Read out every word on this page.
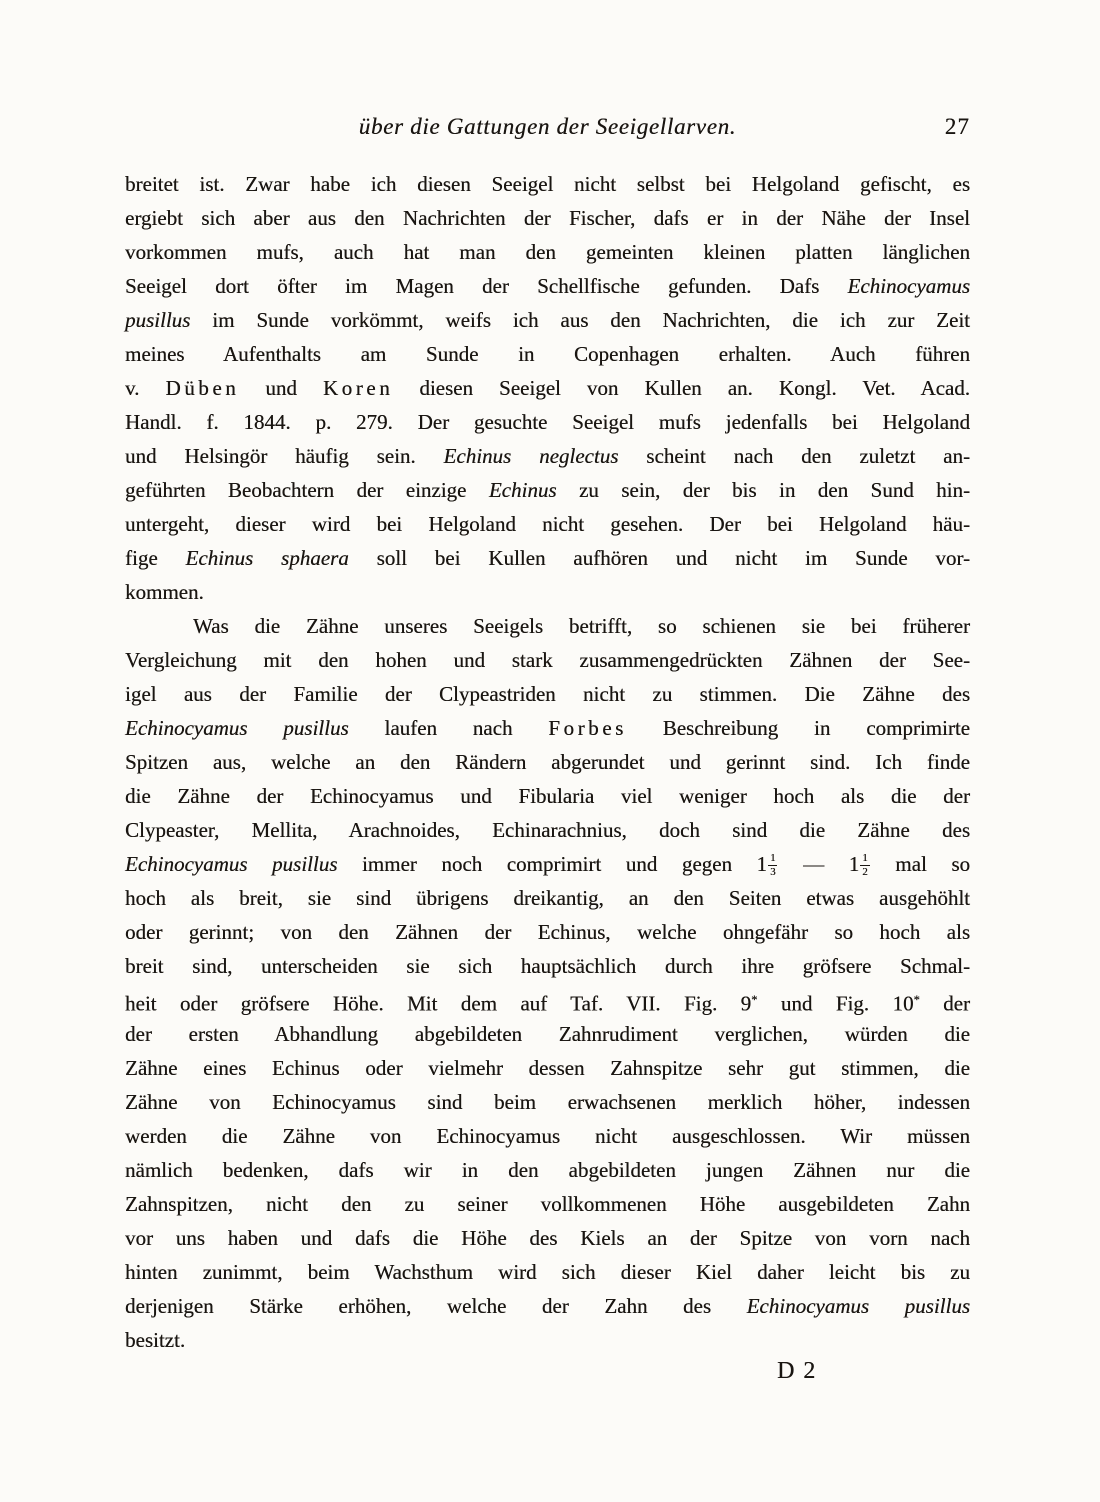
über die Gattungen der Seeigellarven.	27
breitet ist. Zwar habe ich diesen Seeigel nicht selbst bei Helgoland gefischt, es
ergiebt sich aber aus den Nachrichten der Fischer, dafs er in der Nähe der Insel
vorkommen mufs, auch hat man den gemeinten kleinen platten länglichen
Seeigel dort öfter im Magen der Schellfische gefunden. Dafs Echinocyamus
pusillus im Sunde vorkömmt, weifs ich aus den Nachrichten, die ich zur Zeit
meines Aufenthalts am Sunde in Copenhagen erhalten. Auch führen
v. Düben und Koren diesen Seeigel von Kullen an. Kongl. Vet. Acad.
Handl. f. 1844. p. 279. Der gesuchte Seeigel mufs jedenfalls bei Helgoland
und Helsingör häufig sein. Echinus neglectus scheint nach den zuletzt an-
geführten Beobachtern der einzige Echinus zu sein, der bis in den Sund hin-
untergeht, dieser wird bei Helgoland nicht gesehen. Der bei Helgoland häu-
fige Echinus sphaera soll bei Kullen aufhören und nicht im Sunde vor-
kommen.
Was die Zähne unseres Seeigels betrifft, so schienen sie bei früherer
Vergleichung mit den hohen und stark zusammengedrückten Zähnen der See-
igel aus der Familie der Clypeastriden nicht zu stimmen. Die Zähne des
Echinocyamus pusillus laufen nach Forbes Beschreibung in comprimirte
Spitzen aus, welche an den Rändern abgerundet und gerinnt sind. Ich finde
die Zähne der Echinocyamus und Fibularia viel weniger hoch als die der
Clypeaster, Mellita, Arachnoides, Echinarachnius, doch sind die Zähne des
Echinocyamus pusillus immer noch comprimirt und gegen $1 \frac{1}{3}$ — $1 \frac{1}{2}$ mal so
hoch als breit, sie sind übrigens dreikantig, an den Seiten etwas ausgehöhlt
oder gerinnt; von den Zähnen der Echinus, welche ohngefähr so hoch als
breit sind, unterscheiden sie sich hauptsächlich durch ihre gröfsere Schmal-
heit oder gröfsere Höhe. Mit dem auf Taf. VII. Fig. 9* und Fig. 10* der
der ersten Abhandlung abgebildeten Zahnrudiment verglichen, würden die
Zähne eines Echinus oder vielmehr dessen Zahnspitze sehr gut stimmen, die
Zähne von Echinocyamus sind beim erwachsenen merklich höher, indessen
werden die Zähne von Echinocyamus nicht ausgeschlossen. Wir müssen
nämlich bedenken, dafs wir in den abgebildeten jungen Zähnen nur die
Zahnspitzen, nicht den zu seiner vollkommenen Höhe ausgebildeten Zahn
vor uns haben und dafs die Höhe des Kiels an der Spitze von vorn nach
hinten zunimmt, beim Wachsthum wird sich dieser Kiel daher leicht bis zu
derjenigen Stärke erhöhen, welche der Zahn des Echinocyamus pusillus
besitzt.
D 2
